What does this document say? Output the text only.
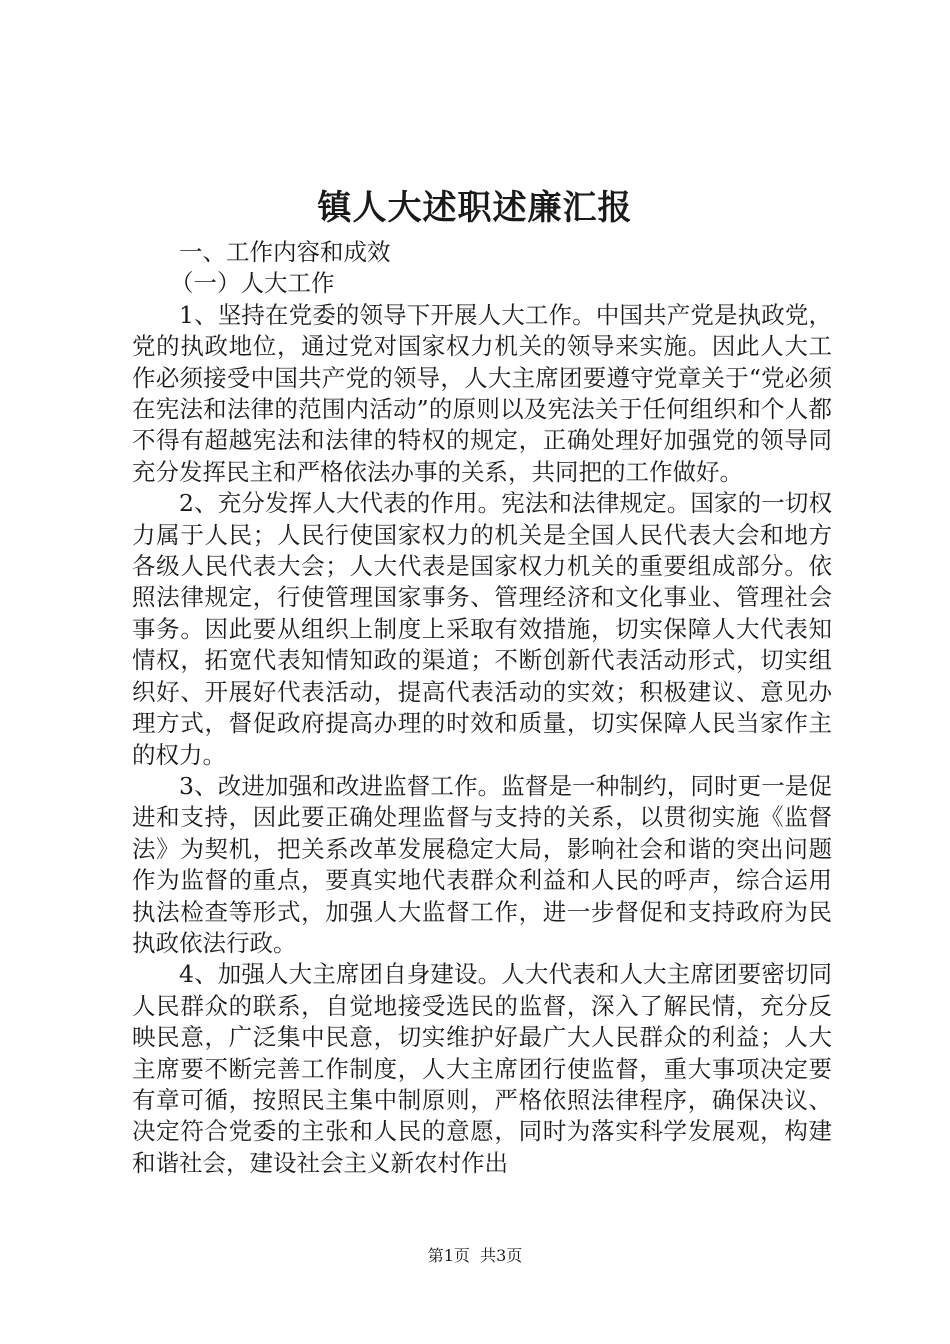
镇人大述职述廉汇报

一、工作内容和成效

（一）人大工作

1、坚持在党委的领导下开展人大工作。中国共产党是执政党，党的执政地位，通过党对国家权力机关的领导来实施。因此人大工作必须接受中国共产党的领导，人大主席团要遵守党章关于“党必须在宪法和法律的范围内活动”的原则以及宪法关于任何组织和个人都不得有超越宪法和法律的特权的规定，正确处理好加强党的领导同充分发挥民主和严格依法办事的关系，共同把的工作做好。

2、充分发挥人大代表的作用。宪法和法律规定。国家的一切权力属于人民；人民行使国家权力的机关是全国人民代表大会和地方各级人民代表大会；人大代表是国家权力机关的重要组成部分。依照法律规定，行使管理国家事务、管理经济和文化事业、管理社会事务。因此要从组织上制度上采取有效措施，切实保障人大代表知情权，拓宽代表知情知政的渠道；不断创新代表活动形式，切实组织好、开展好代表活动，提高代表活动的实效；积极建议、意见办理方式，督促政府提高办理的时效和质量，切实保障人民当家作主的权力。

3、改进加强和改进监督工作。监督是一种制约，同时更一是促进和支持，因此要正确处理监督与支持的关系，以贯彻实施《监督法》为契机，把关系改革发展稳定大局，影响社会和谐的突出问题作为监督的重点，要真实地代表群众利益和人民的呼声，综合运用执法检查等形式，加强人大监督工作，进一步督促和支持政府为民执政依法行政。

4、加强人大主席团自身建设。人大代表和人大主席团要密切同人民群众的联系，自觉地接受选民的监督，深入了解民情，充分反映民意，广泛集中民意，切实维护好最广大人民群众的利益；人大主席要不断完善工作制度，人大主席团行使监督，重大事项决定要有章可循，按照民主集中制原则，严格依照法律程序，确保决议、决定符合党委的主张和人民的意愿，同时为落实科学发展观，构建和谐社会，建设社会主义新农村作出

第1页 共3页
